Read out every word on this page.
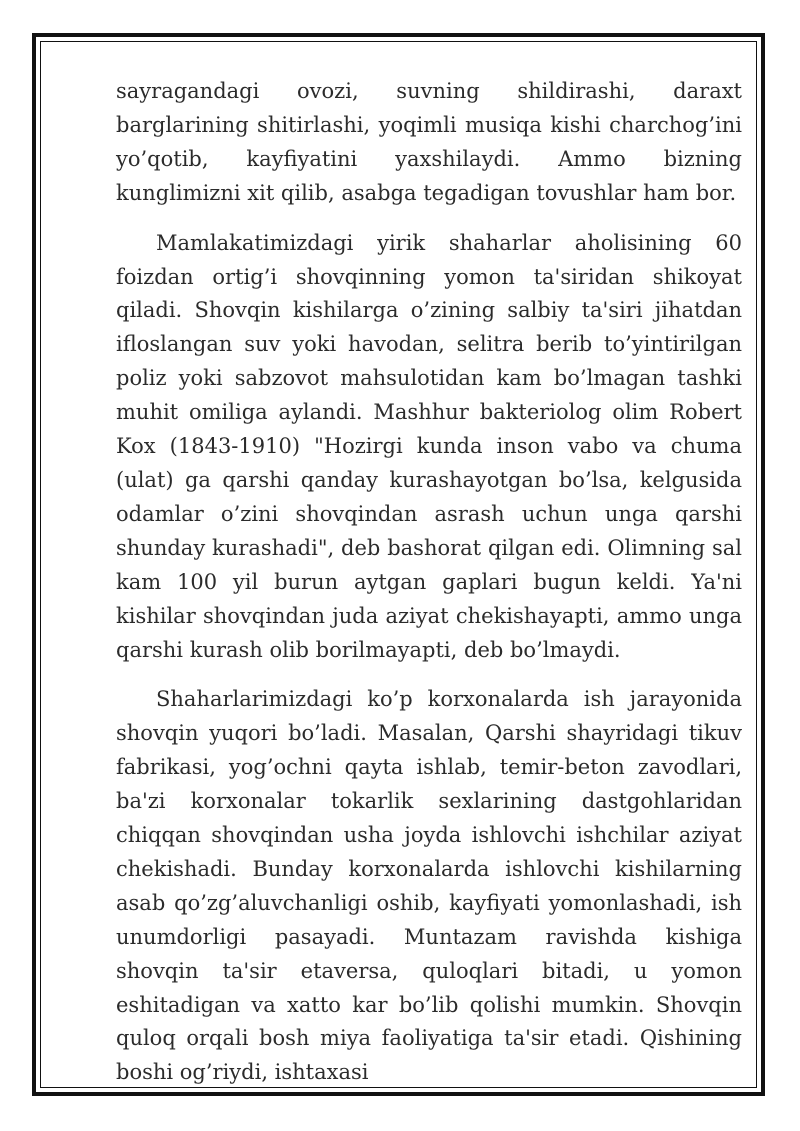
sayragandagi ovozi, suvning shildirashi, daraxt barglarining shitirlashi, yoqimli musiqa kishi charchog’ini yo’qotib, kayfiyatini yaxshilaydi. Ammo bizning kunglimizni xit qilib, asabga tegadigan tovushlar ham bor.

Mamlakatimizdagi yirik shaharlar aholisining 60 foizdan ortig’i shovqinning yomon ta'siridan shikoyat qiladi. Shovqin kishilarga o’zining salbiy ta'siri jihatdan ifloslangan suv yoki havodan, selitra berib to’yintirilgan poliz yoki sabzovot mahsulotidan kam bo’lmagan tashki muhit omiliga aylandi. Mashhur bakteriolog olim Robert Kox (1843-1910) "Hozirgi kunda inson vabo va chuma (ulat) ga qarshi qanday kurashayotgan bo’lsa, kelgusida odamlar o’zini shovqindan asrash uchun unga qarshi shunday kurashadi", deb bashorat qilgan edi. Olimning sal kam 100 yil burun aytgan gaplari bugun keldi. Ya'ni kishilar shovqindan juda aziyat chekishayapti, ammo unga qarshi kurash olib borilmayapti, deb bo’lmaydi.

Shaharlarimizdagi ko’p korxonalarda ish jarayonida shovqin yuqori bo’ladi. Masalan, Qarshi shayridagi tikuv fabrikasi, yog’ochni qayta ishlab, temir-beton zavodlari, ba'zi korxonalar tokarlik sexlarining dastgohlaridan chiqqan shovqindan usha joyda ishlovchi ishchilar aziyat chekishadi. Bunday korxonalarda ishlovchi kishilarning asab qo’zg’aluvchanligi oshib, kayfiyati yomonlashadi, ish unumdorligi pasayadi. Muntazam ravishda kishiga shovqin ta'sir etaversa, quloqlari bitadi, u yomon eshitadigan va xatto kar bo’lib qolishi mumkin. Shovqin quloq orqali bosh miya faoliyatiga ta'sir etadi. Qishining boshi og’riydi, ishtaxasi
